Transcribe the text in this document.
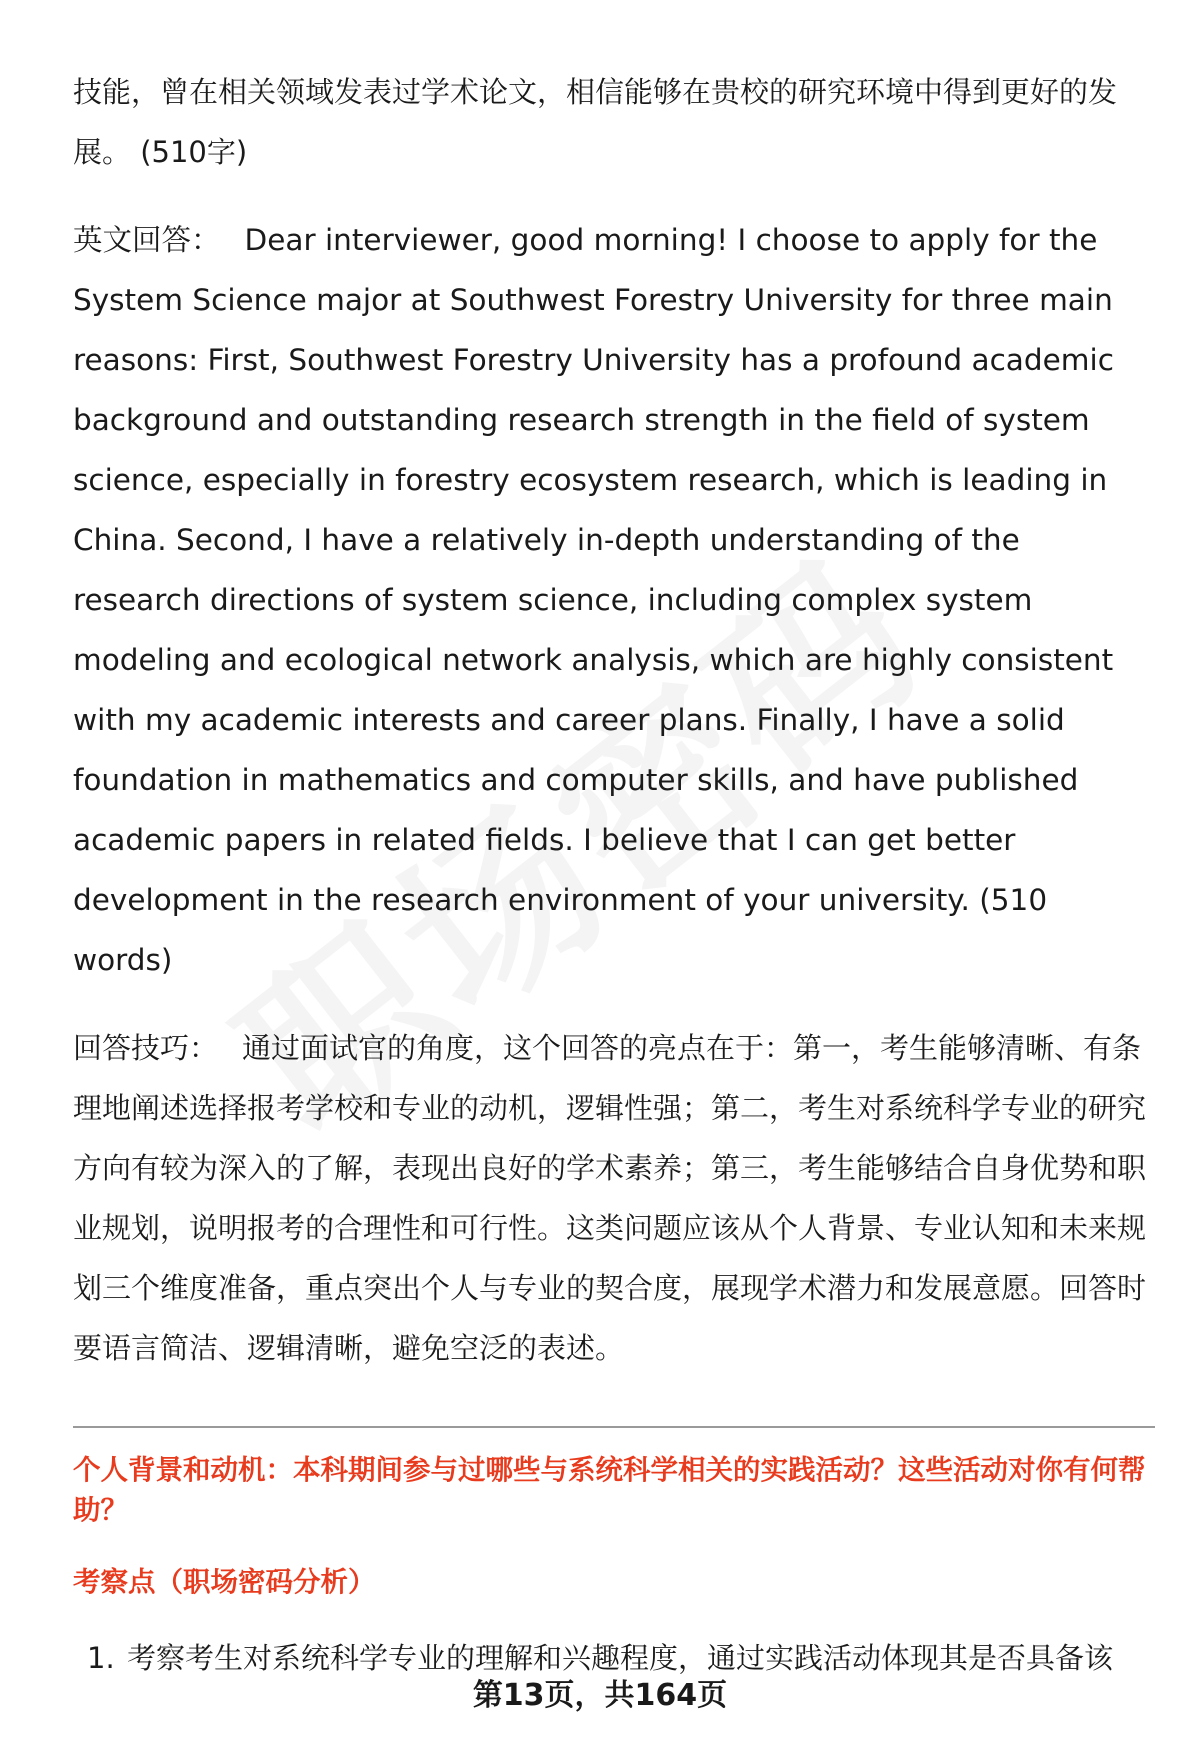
技能，曾在相关领域发表过学术论文，相信能够在贵校的研究环境中得到更好的发展。 (510字)

英文回答： Dear interviewer, good morning! I choose to apply for the System Science major at Southwest Forestry University for three main reasons: First, Southwest Forestry University has a profound academic background and outstanding research strength in the field of system science, especially in forestry ecosystem research, which is leading in China. Second, I have a relatively in-depth understanding of the research directions of system science, including complex system modeling and ecological network analysis, which are highly consistent with my academic interests and career plans. Finally, I have a solid foundation in mathematics and computer skills, and have published academic papers in related fields. I believe that I can get better development in the research environment of your university. (510 words)

回答技巧： 通过面试官的角度，这个回答的亮点在于：第一，考生能够清晰、有条理地阐述选择报考学校和专业的动机，逻辑性强；第二，考生对系统科学专业的研究方向有较为深入的了解，表现出良好的学术素养；第三，考生能够结合自身优势和职业规划，说明报考的合理性和可行性。这类问题应该从个人背景、专业认知和未来规划三个维度准备，重点突出个人与专业的契合度，展现学术潜力和发展意愿。回答时要语言简洁、逻辑清晰，避免空泛的表述。

个人背景和动机：本科期间参与过哪些与系统科学相关的实践活动？这些活动对你有何帮助？
考察点（职场密码分析）
1. 考察考生对系统科学专业的理解和兴趣程度，通过实践活动体现其是否具备该
第13页，共164页
